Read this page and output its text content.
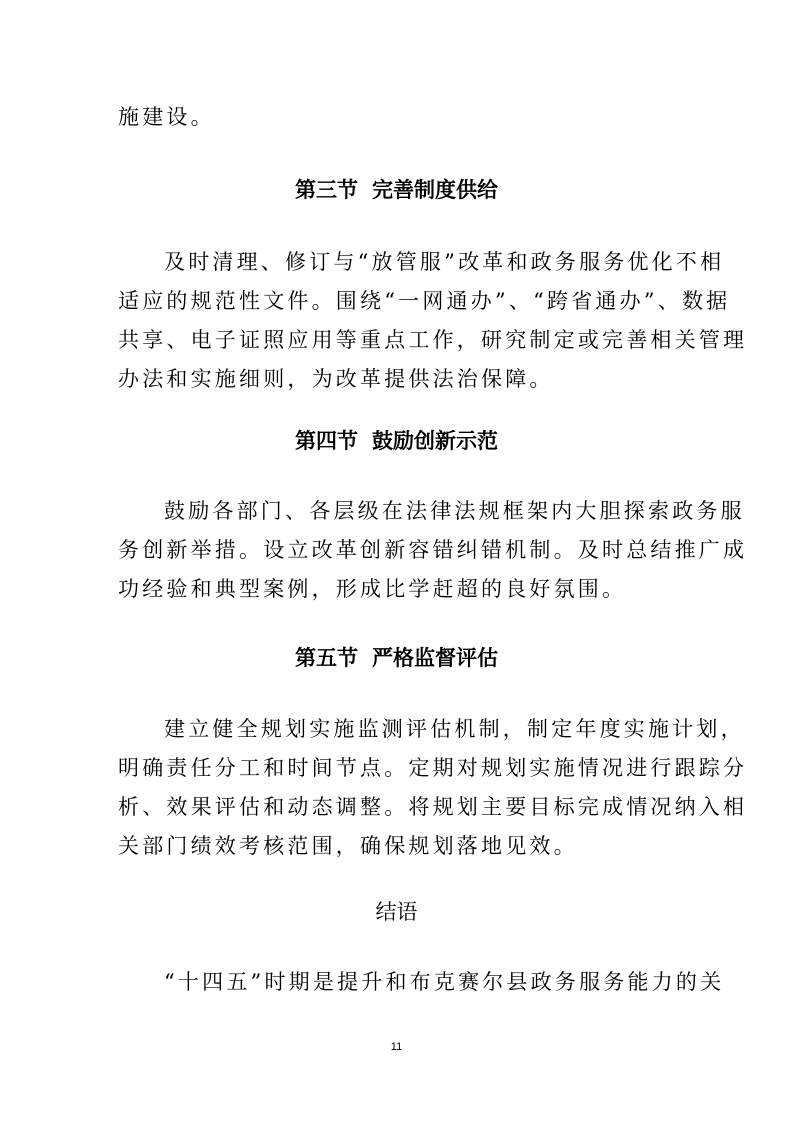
施建设。
第三节 完善制度供给
及时清理、修订与“放管服”改革和政务服务优化不相
适应的规范性文件。围绕“一网通办”、“跨省通办”、数据
共享、电子证照应用等重点工作，研究制定或完善相关管理
办法和实施细则，为改革提供法治保障。
第四节 鼓励创新示范
鼓励各部门、各层级在法律法规框架内大胆探索政务服
务创新举措。设立改革创新容错纠错机制。及时总结推广成
功经验和典型案例，形成比学赶超的良好氛围。
第五节 严格监督评估
建立健全规划实施监测评估机制，制定年度实施计划，
明确责任分工和时间节点。定期对规划实施情况进行跟踪分
析、效果评估和动态调整。将规划主要目标完成情况纳入相
关部门绩效考核范围，确保规划落地见效。
结语
“十四五”时期是提升和布克赛尔县政务服务能力的关
11
